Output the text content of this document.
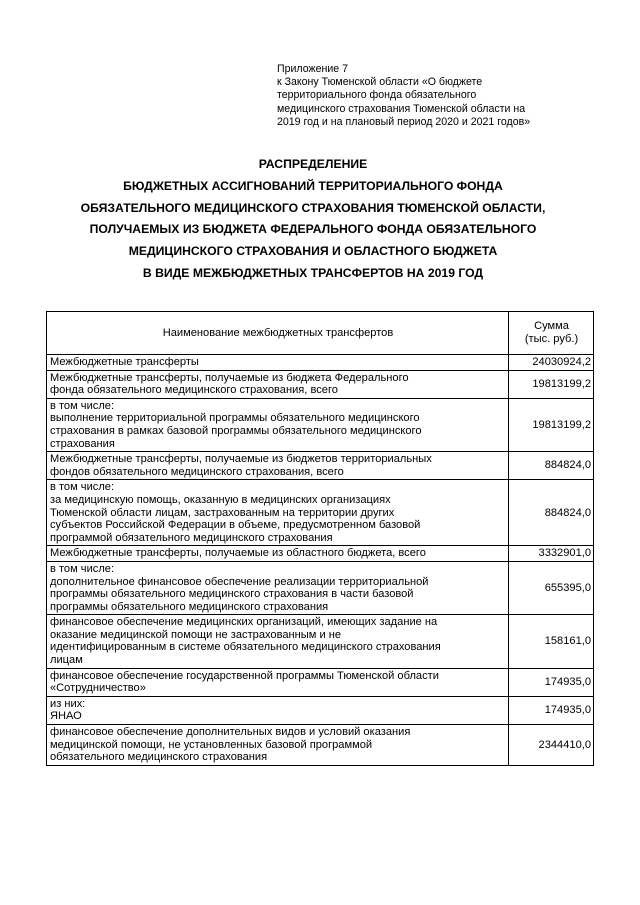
Приложение 7
к Закону Тюменской области «О бюджете
территориального фонда обязательного
медицинского страхования Тюменской области на
2019 год и на плановый период 2020 и 2021 годов»
РАСПРЕДЕЛЕНИЕ
БЮДЖЕТНЫХ АССИГНОВАНИЙ ТЕРРИТОРИАЛЬНОГО ФОНДА
ОБЯЗАТЕЛЬНОГО МЕДИЦИНСКОГО СТРАХОВАНИЯ ТЮМЕНСКОЙ ОБЛАСТИ,
ПОЛУЧАЕМЫХ ИЗ БЮДЖЕТА ФЕДЕРАЛЬНОГО ФОНДА ОБЯЗАТЕЛЬНОГО
МЕДИЦИНСКОГО СТРАХОВАНИЯ И ОБЛАСТНОГО БЮДЖЕТА
В ВИДЕ МЕЖБЮДЖЕТНЫХ ТРАНСФЕРТОВ НА 2019 ГОД
Наименование межбюджетных трансфертов	Сумма
(тыс. руб.)

Межбюджетные трансферты	24030924,2

Межбюджетные трансферты, получаемые из бюджета Федерального
фонда обязательного медицинского страхования, всего	19813199,2

в том числе:
выполнение территориальной программы обязательного медицинского
страхования в рамках базовой программы обязательного медицинского
страхования	19813199,2

Межбюджетные трансферты, получаемые из бюджетов территориальных
фондов обязательного медицинского страхования, всего	884824,0

в том числе:
за медицинскую помощь, оказанную в медицинских организациях
Тюменской области лицам, застрахованным на территории других
субъектов Российской Федерации в объеме, предусмотренном базовой
программой обязательного медицинского страхования	884824,0

Межбюджетные трансферты, получаемые из областного бюджета, всего	3332901,0

в том числе:
дополнительное финансовое обеспечение реализации территориальной
программы обязательного медицинского страхования в части базовой
программы обязательного медицинского страхования	655395,0

финансовое обеспечение медицинских организаций, имеющих задание на
оказание медицинской помощи не застрахованным и не
идентифицированным в системе обязательного медицинского страхования
лицам	158161,0

финансовое обеспечение государственной программы Тюменской области
«Сотрудничество»	174935,0

из них:
ЯНАО	174935,0

финансовое обеспечение дополнительных видов и условий оказания
медицинской помощи, не установленных базовой программой
обязательного медицинского страхования	2344410,0
